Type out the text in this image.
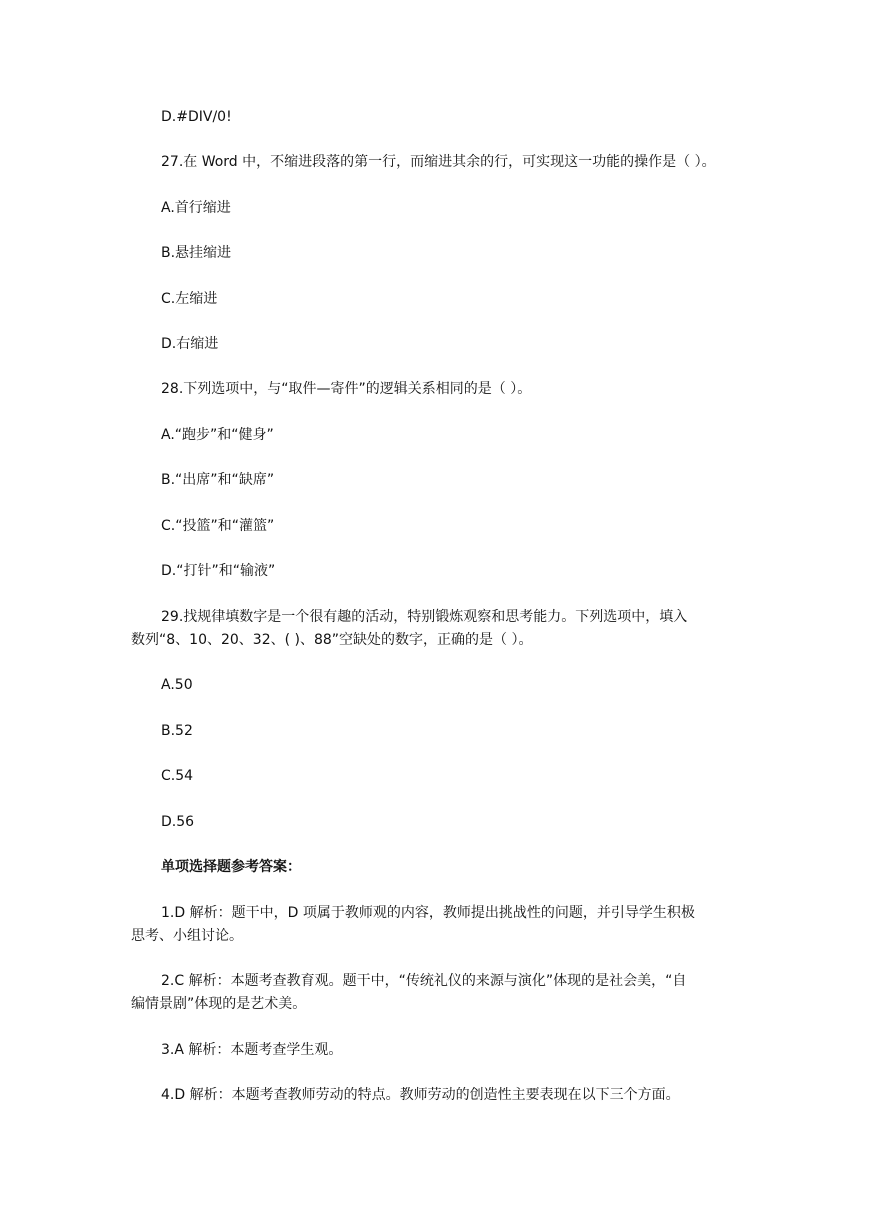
D.#DIV/0!
27.在 Word 中，不缩进段落的第一行，而缩进其余的行，可实现这一功能的操作是（ ）。
A.首行缩进
B.悬挂缩进
C.左缩进
D.右缩进
28.下列选项中，与“取件—寄件”的逻辑关系相同的是（ ）。
A.“跑步”和“健身”
B.“出席”和“缺席”
C.“投篮”和“灌篮”
D.“打针”和“输液”
29.找规律填数字是一个很有趣的活动，特别锻炼观察和思考能力。下列选项中，填入
数列“8、10、20、32、( )、88”空缺处的数字，正确的是（ ）。
A.50
B.52
C.54
D.56
单项选择题参考答案：
1.D 解析：题干中，D 项属于教师观的内容，教师提出挑战性的问题，并引导学生积极
思考、小组讨论。
2.C 解析：本题考查教育观。题干中，“传统礼仪的来源与演化”体现的是社会美，“自
编情景剧”体现的是艺术美。
3.A 解析：本题考查学生观。
4.D 解析：本题考查教师劳动的特点。教师劳动的创造性主要表现在以下三个方面。
